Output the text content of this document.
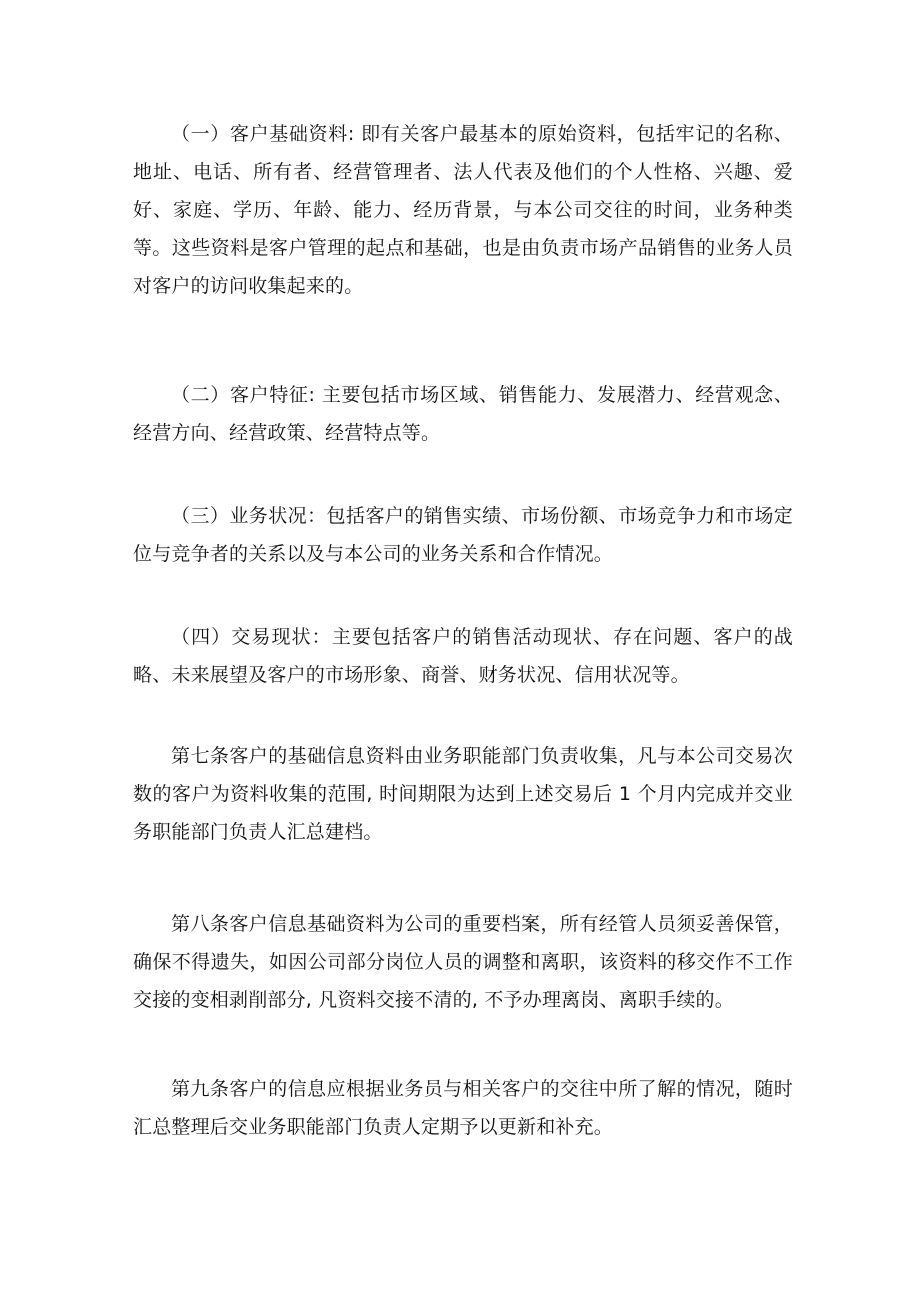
（一）客户基础资料: 即有关客户最基本的原始资料，包括牢记的名称、地址、电话、所有者、经营管理者、法人代表及他们的个人性格、兴趣、爱好、家庭、学历、年龄、能力、经历背景，与本公司交往的时间，业务种类等。这些资料是客户管理的起点和基础，也是由负责市场产品销售的业务人员对客户的访问收集起来的。

（二）客户特征: 主要包括市场区域、销售能力、发展潜力、经营观念、经营方向、经营政策、经营特点等。

（三）业务状况：包括客户的销售实绩、市场份额、市场竞争力和市场定位与竞争者的关系以及与本公司的业务关系和合作情况。

（四）交易现状：主要包括客户的销售活动现状、存在问题、客户的战略、未来展望及客户的市场形象、商誉、财务状况、信用状况等。

第七条客户的基础信息资料由业务职能部门负责收集，凡与本公司交易次数的客户为资料收集的范围, 时间期限为达到上述交易后 1 个月内完成并交业务职能部门负责人汇总建档。

第八条客户信息基础资料为公司的重要档案，所有经管人员须妥善保管，确保不得遗失，如因公司部分岗位人员的调整和离职，该资料的移交作不工作交接的变相剥削部分, 凡资料交接不清的, 不予办理离岗、离职手续的。

第九条客户的信息应根据业务员与相关客户的交往中所了解的情况，随时汇总整理后交业务职能部门负责人定期予以更新和补充。
